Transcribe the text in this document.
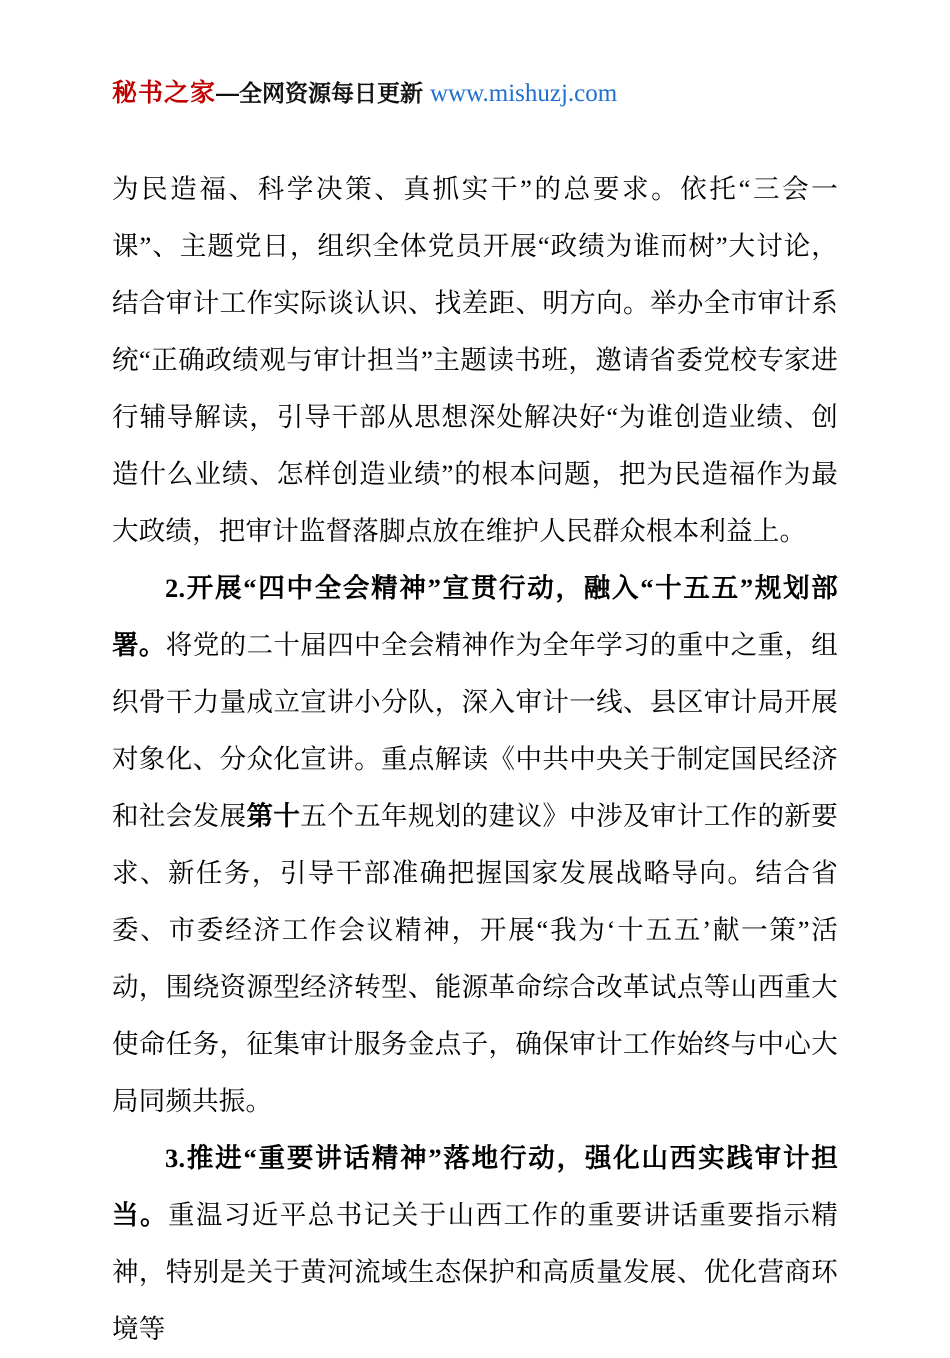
秘书之家—全网资源每日更新 www.mishuzj.com

为民造福、科学决策、真抓实干”的总要求。依托“三会一课”、主题党日，组织全体党员开展“政绩为谁而树”大讨论，结合审计工作实际谈认识、找差距、明方向。举办全市审计系统“正确政绩观与审计担当”主题读书班，邀请省委党校专家进行辅导解读，引导干部从思想深处解决好“为谁创造业绩、创造什么业绩、怎样创造业绩”的根本问题，把为民造福作为最大政绩，把审计监督落脚点放在维护人民群众根本利益上。

2.开展“四中全会精神”宣贯行动，融入“十五五”规划部署。将党的二十届四中全会精神作为全年学习的重中之重，组织骨干力量成立宣讲小分队，深入审计一线、县区审计局开展对象化、分众化宣讲。重点解读《中共中央关于制定国民经济和社会发展第十五个五年规划的建议》中涉及审计工作的新要求、新任务，引导干部准确把握国家发展战略导向。结合省委、市委经济工作会议精神，开展“我为‘十五五’献一策”活动，围绕资源型经济转型、能源革命综合改革试点等山西重大使命任务，征集审计服务金点子，确保审计工作始终与中心大局同频共振。

3.推进“重要讲话精神”落地行动，强化山西实践审计担当。重温习近平总书记关于山西工作的重要讲话重要指示精神，特别是关于黄河流域生态保护和高质量发展、优化营商环境等
